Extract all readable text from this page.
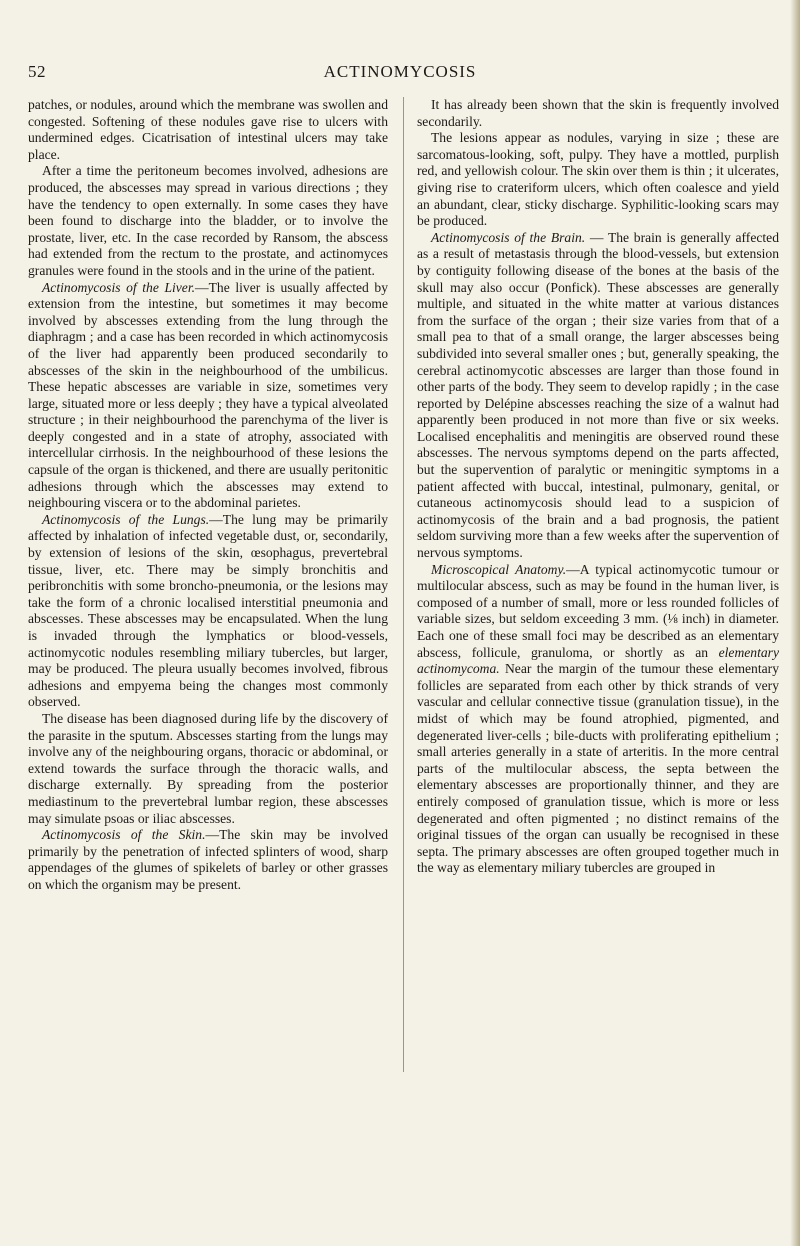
52	ACTINOMYCOSIS

patches, or nodules, around which the membrane was swollen and congested. Softening of these nodules gave rise to ulcers with undermined edges. Cicatrisation of intestinal ulcers may take place.

After a time the peritoneum becomes involved, adhesions are produced, the abscesses may spread in various directions ; they have the tendency to open externally. In some cases they have been found to discharge into the bladder, or to involve the prostate, liver, etc. In the case recorded by Ransom, the abscess had extended from the rectum to the prostate, and actinomyces granules were found in the stools and in the urine of the patient.

Actinomycosis of the Liver.—The liver is usually affected by extension from the intestine, but sometimes it may become involved by abscesses extending from the lung through the diaphragm ; and a case has been recorded in which actinomycosis of the liver had apparently been produced secondarily to abscesses of the skin in the neighbourhood of the umbilicus. These hepatic abscesses are variable in size, sometimes very large, situated more or less deeply ; they have a typical alveolated structure ; in their neighbourhood the parenchyma of the liver is deeply congested and in a state of atrophy, associated with intercellular cirrhosis. In the neighbourhood of these lesions the capsule of the organ is thickened, and there are usually peritonitic adhesions through which the abscesses may extend to neighbouring viscera or to the abdominal parietes.

Actinomycosis of the Lungs.—The lung may be primarily affected by inhalation of infected vegetable dust, or, secondarily, by extension of lesions of the skin, œsophagus, prevertebral tissue, liver, etc. There may be simply bronchitis and peribronchitis with some broncho-pneumonia, or the lesions may take the form of a chronic localised interstitial pneumonia and abscesses. These abscesses may be encapsulated. When the lung is invaded through the lymphatics or blood-vessels, actinomycotic nodules resembling miliary tubercles, but larger, may be produced. The pleura usually becomes involved, fibrous adhesions and empyema being the changes most commonly observed.

The disease has been diagnosed during life by the discovery of the parasite in the sputum. Abscesses starting from the lungs may involve any of the neighbouring organs, thoracic or abdominal, or extend towards the surface through the thoracic walls, and discharge externally. By spreading from the posterior mediastinum to the prevertebral lumbar region, these abscesses may simulate psoas or iliac abscesses.

Actinomycosis of the Skin.—The skin may be involved primarily by the penetration of infected splinters of wood, sharp appendages of the glumes of spikelets of barley or other grasses on which the organism may be present.

It has already been shown that the skin is frequently involved secondarily.

The lesions appear as nodules, varying in size ; these are sarcomatous-looking, soft, pulpy. They have a mottled, purplish red, and yellowish colour. The skin over them is thin ; it ulcerates, giving rise to crateriform ulcers, which often coalesce and yield an abundant, clear, sticky discharge. Syphilitic-looking scars may be produced.

Actinomycosis of the Brain. — The brain is generally affected as a result of metastasis through the blood-vessels, but extension by contiguity following disease of the bones at the basis of the skull may also occur (Ponfick). These abscesses are generally multiple, and situated in the white matter at various distances from the surface of the organ ; their size varies from that of a small pea to that of a small orange, the larger abscesses being subdivided into several smaller ones ; but, generally speaking, the cerebral actinomycotic abscesses are larger than those found in other parts of the body. They seem to develop rapidly ; in the case reported by Delépine abscesses reaching the size of a walnut had apparently been produced in not more than five or six weeks. Localised encephalitis and meningitis are observed round these abscesses. The nervous symptoms depend on the parts affected, but the supervention of paralytic or meningitic symptoms in a patient affected with buccal, intestinal, pulmonary, genital, or cutaneous actinomycosis should lead to a suspicion of actinomycosis of the brain and a bad prognosis, the patient seldom surviving more than a few weeks after the supervention of nervous symptoms.

Microscopical Anatomy.—A typical actinomycotic tumour or multilocular abscess, such as may be found in the human liver, is composed of a number of small, more or less rounded follicles of variable sizes, but seldom exceeding 3 mm. (⅛ inch) in diameter. Each one of these small foci may be described as an elementary abscess, follicule, granuloma, or shortly as an elementary actinomycoma. Near the margin of the tumour these elementary follicles are separated from each other by thick strands of very vascular and cellular connective tissue (granulation tissue), in the midst of which may be found atrophied, pigmented, and degenerated liver-cells ; bile-ducts with proliferating epithelium ; small arteries generally in a state of arteritis. In the more central parts of the multilocular abscess, the septa between the elementary abscesses are proportionally thinner, and they are entirely composed of granulation tissue, which is more or less degenerated and often pigmented ; no distinct remains of the original tissues of the organ can usually be recognised in these septa. The primary abscesses are often grouped together much in the way as elementary miliary tubercles are grouped in
